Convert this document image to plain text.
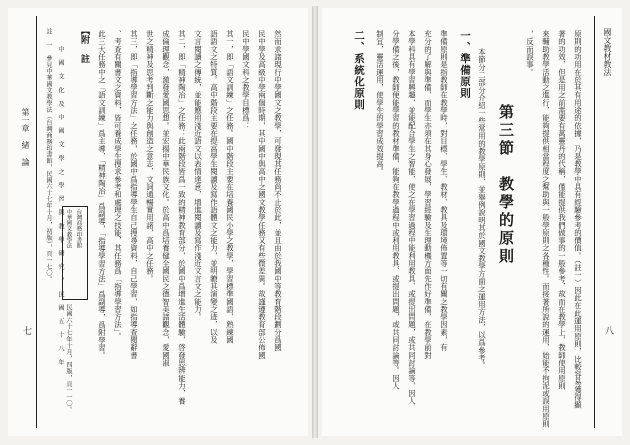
七
第一章 緒 論 註 一 參見中華國文教學法（台灣商務印書館，民國六十七年十月，初版），頁一七〇。 中 國 文 化 及 中 國 文 學 之 學 習 與 教 學 研 究 ， 民 國 五 十 八 年 中華國文教學法 台灣商務印書館
民國六十七年十月，四版，頁一一〇。
【附 註 此三大任務中之「語文訓練」爲主導，「精神陶冶」爲副導，「指導學習方法」爲副導，爲附學習。 、考查有關書文之資料，皆可養成學生搜求參考和處理之技能，其任務爲「指導學習方法」。 其三，即「指導學習方法」之任務，於國中爲指導學生自己搜尋資料，自己學習，如指導查閱辭書 世之精神及思考判斷之能力與創造之意志，文詞通暢實用諸，高中之任務。 成倫理觀念，激發愛國思想。並宏揚中華民族文化。於高中爲培養健全國民之德智美諸觀念，愛國淑 其二，即「精神陶冶」之任務：此兩階段皆爲一致的精神教育部分，於國中爲增進生活體驗，啓發思辨能力，養 文言閱讀之傳統，並能應用淺近語文以表情達意，增進閱讀及寫作淺近文言文之能力。 語語文之特質。高中階段主要在提高學生閱讀及寫作語體文之能力，並明瞭其演變之迹，以及 其一，即「語文訓練」之任務。國中階段主要在培養國民小學之教學，學習標準國語，熟練國 民中學國文科之教學目標爲： 民中學及高級中學兩個時期，其中國中與高中之國文教學任務又有些微差異。故謹遵教育部公佈國 然而求諸現行中學國文之教學，可發現其任務尚不止於此，並且由於我國中等教育階段劃分爲國	國文教材教法
八
原則的功用在於其有用途的依據，乃是教學中具有經驗參考的價值。（註一）因此在此運用原則，比較容易獲得顯
著的功效，但是用之前需要有萬靈丹的代稱，僅能提供我們做事的一般參考，故而在教學上，教師使用原則
來輔助教學活動之進行，能夠提供相當程度之幫助與一般學原則之各種性。而接著所說的運用，始能不拘泥或誤用原則
，反而誤事。
第三節　教學的原則
本節分二部分介紹一些常用的教學原則，並舉例說明其於國文教學方面之運用方法，以爲參考。
一、準備原則
準備原則是指教師在教學時，對目標、學生、教材、教具及環境佈置等一切有關之教學因素，有
充分的了解與準備，而學生亦須在其身心發展，學習經驗及生理動機方面先作好準備，在教學前對
本學科具有學習興趣，並能配合學生之智能，使之在學習過程中能利用教具、或提出問題，或共同討論等，因人
分學備之後，教師便能學習的教材準備，能夠在教學過程中或利用教具、或提出問題，或共同討論等。因人
制宜，靈活運用，使學生的學習成效提高。
二、系統化原則
